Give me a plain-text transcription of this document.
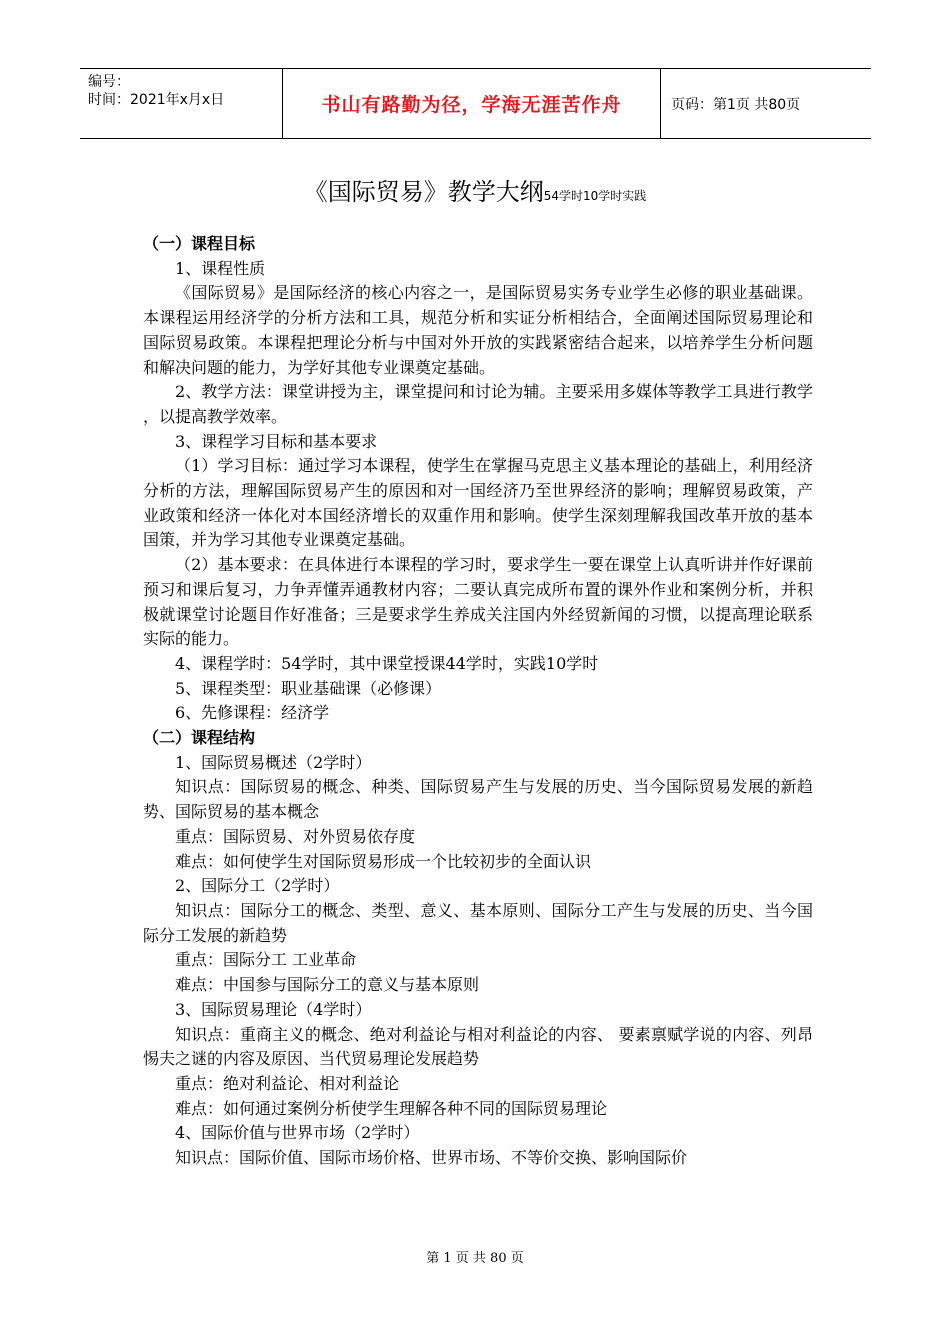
编号：
时间：2021年x月x日	书山有路勤为径，学海无涯苦作舟	页码：第1页 共80页
《国际贸易》教学大纲54学时10学时实践

（一）课程目标

1、课程性质

《国际贸易》是国际经济的核心内容之一，是国际贸易实务专业学生必修的职业基础课。本课程运用经济学的分析方法和工具，规范分析和实证分析相结合，全面阐述国际贸易理论和国际贸易政策。本课程把理论分析与中国对外开放的实践紧密结合起来，以培养学生分析问题和解决问题的能力，为学好其他专业课奠定基础。

2、教学方法：课堂讲授为主，课堂提问和讨论为辅。主要采用多媒体等教学工具进行教学 ，以提高教学效率。

3、课程学习目标和基本要求

（1）学习目标：通过学习本课程，使学生在掌握马克思主义基本理论的基础上，利用经济分析的方法，理解国际贸易产生的原因和对一国经济乃至世界经济的影响；理解贸易政策，产业政策和经济一体化对本国经济增长的双重作用和影响。使学生深刻理解我国改革开放的基本国策，并为学习其他专业课奠定基础。

（2）基本要求：在具体进行本课程的学习时，要求学生一要在课堂上认真听讲并作好课前预习和课后复习，力争弄懂弄通教材内容；二要认真完成所布置的课外作业和案例分析，并积极就课堂讨论题目作好准备；三是要求学生养成关注国内外经贸新闻的习惯，以提高理论联系实际的能力。

4、课程学时：54学时，其中课堂授课44学时，实践10学时

5、课程类型：职业基础课（必修课）

6、先修课程：经济学

（二）课程结构

1、国际贸易概述（2学时）

知识点：国际贸易的概念、种类、国际贸易产生与发展的历史、当今国际贸易发展的新趋势、国际贸易的基本概念

重点：国际贸易、对外贸易依存度

难点：如何使学生对国际贸易形成一个比较初步的全面认识

2、国际分工（2学时）

知识点：国际分工的概念、类型、意义、基本原则、国际分工产生与发展的历史、当今国际分工发展的新趋势

重点：国际分工 工业革命

难点：中国参与国际分工的意义与基本原则

3、国际贸易理论（4学时）

知识点：重商主义的概念、绝对利益论与相对利益论的内容、 要素禀赋学说的内容、列昂惕夫之谜的内容及原因、当代贸易理论发展趋势

重点：绝对利益论、相对利益论

难点：如何通过案例分析使学生理解各种不同的国际贸易理论

4、国际价值与世界市场（2学时）

知识点：国际价值、国际市场价格、世界市场、不等价交换、影响国际价

第 1 页 共 80 页
